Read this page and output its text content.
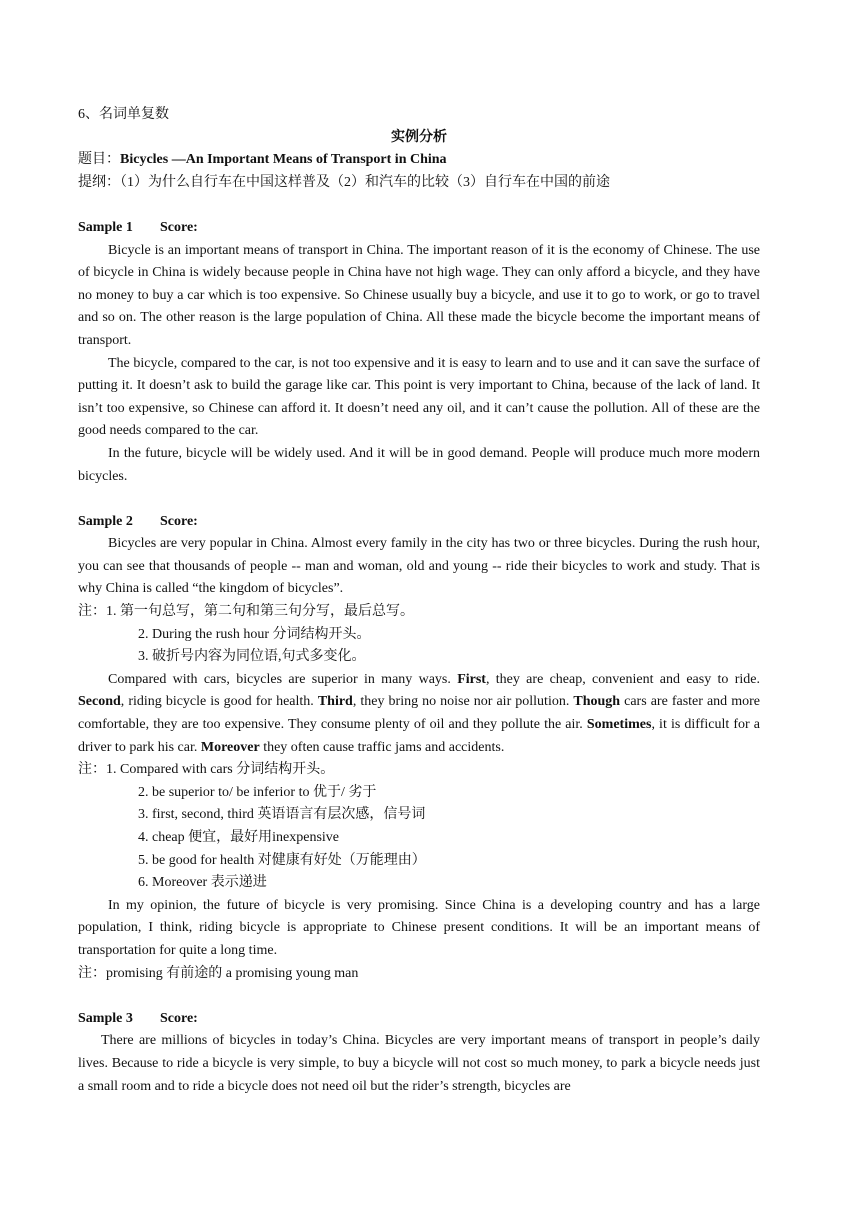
6、名词单复数
实例分析
题目：Bicycles —An Important Means of Transport in China
提纲：（1）为什么自行车在中国这样普及（2）和汽车的比较（3）自行车在中国的前途
Sample 1 Score:
Bicycle is an important means of transport in China. The important reason of it is the economy of Chinese. The use of bicycle in China is widely because people in China have not high wage. They can only afford a bicycle, and they have no money to buy a car which is too expensive. So Chinese usually buy a bicycle, and use it to go to work, or go to travel and so on. The other reason is the large population of China. All these made the bicycle become the important means of transport.
The bicycle, compared to the car, is not too expensive and it is easy to learn and to use and it can save the surface of putting it. It doesn’t ask to build the garage like car. This point is very important to China, because of the lack of land. It isn’t too expensive, so Chinese can afford it. It doesn’t need any oil, and it can’t cause the pollution. All of these are the good needs compared to the car.
In the future, bicycle will be widely used. And it will be in good demand. People will produce much more modern bicycles.
Sample 2 Score:
Bicycles are very popular in China. Almost every family in the city has two or three bicycles. During the rush hour, you can see that thousands of people -- man and woman, old and young -- ride their bicycles to work and study. That is why China is called “the kingdom of bicycles”.
注：1. 第一句总写，第二句和第三句分写，最后总写。
2. During the rush hour 分词结构开头。
3. 破折号内容为同位语,句式多变化。
Compared with cars, bicycles are superior in many ways. First, they are cheap, convenient and easy to ride. Second, riding bicycle is good for health. Third, they bring no noise nor air pollution. Though cars are faster and more comfortable, they are too expensive. They consume plenty of oil and they pollute the air. Sometimes, it is difficult for a driver to park his car. Moreover they often cause traffic jams and accidents.
注：1. Compared with cars 分词结构开头。
2. be superior to/ be inferior to 优于/ 劣于
3. first, second, third 英语语言有层次感，信号词
4. cheap 便宜，最好用inexpensive
5. be good for health 对健康有好处（万能理由）
6. Moreover 表示递进
In my opinion, the future of bicycle is very promising. Since China is a developing country and has a large population, I think, riding bicycle is appropriate to Chinese present conditions. It will be an important means of transportation for quite a long time.
注：promising 有前途的 a promising young man
Sample 3 Score:
There are millions of bicycles in today’s China. Bicycles are very important means of transport in people’s daily lives. Because to ride a bicycle is very simple, to buy a bicycle will not cost so much money, to park a bicycle needs just a small room and to ride a bicycle does not need oil but the rider’s strength, bicycles are
